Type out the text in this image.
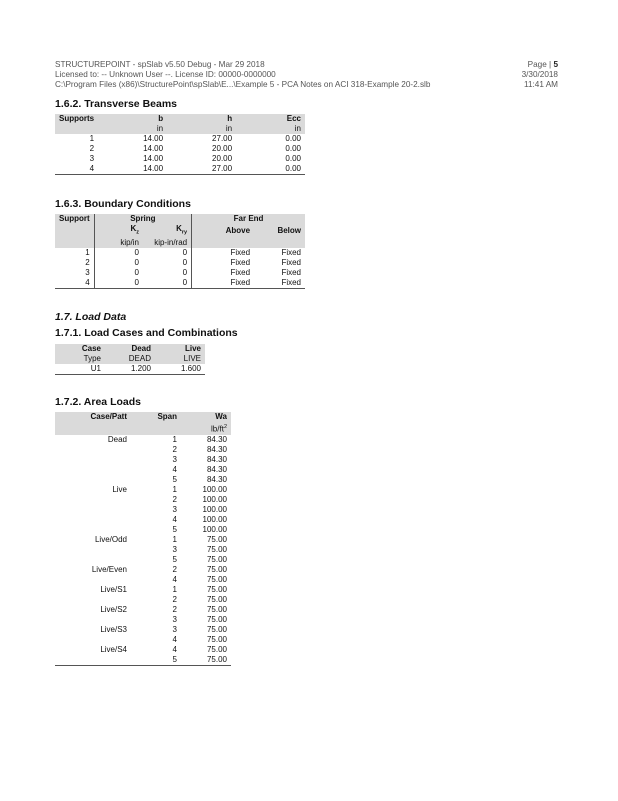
STRUCTUREPOINT - spSlab v5.50 Debug - Mar 29 2018
Licensed to: -- Unknown User --. License ID: 00000-0000000
C:\Program Files (x86)\StructurePoint\spSlab\E...\Example 5 - PCA Notes on ACI 318-Example 20-2.slb
Page | 5
3/30/2018
11:41 AM
1.6.2. Transverse Beams
Supports	b	h	Ecc
	in	in	in
1	14.00	27.00	0.00
2	14.00	20.00	0.00
3	14.00	20.00	0.00
4	14.00	27.00	0.00
1.6.3. Boundary Conditions
Support	Spring		Far End	
	$K_z$	$K_{ry}$	Above	Below
	kip/in	kip-in/rad		
1	0	0	Fixed	Fixed
2	0	0	Fixed	Fixed
3	0	0	Fixed	Fixed
4	0	0	Fixed	Fixed
1.7. Load Data
1.7.1. Load Cases and Combinations
Case	Dead	Live
Type	DEAD	LIVE
U1	1.200	1.600
1.7.2. Area Loads
Case/Patt	Span	Wa
		$lb/ft^2$
Dead	1	84.30
	2	84.30
	3	84.30
	4	84.30
	5	84.30
Live	1	100.00
	2	100.00
	3	100.00
	4	100.00
	5	100.00
Live/Odd	1	75.00
	3	75.00
	5	75.00
Live/Even	2	75.00
	4	75.00
Live/S1	1	75.00
	2	75.00
Live/S2	2	75.00
	3	75.00
Live/S3	3	75.00
	4	75.00
Live/S4	4	75.00
	5	75.00
